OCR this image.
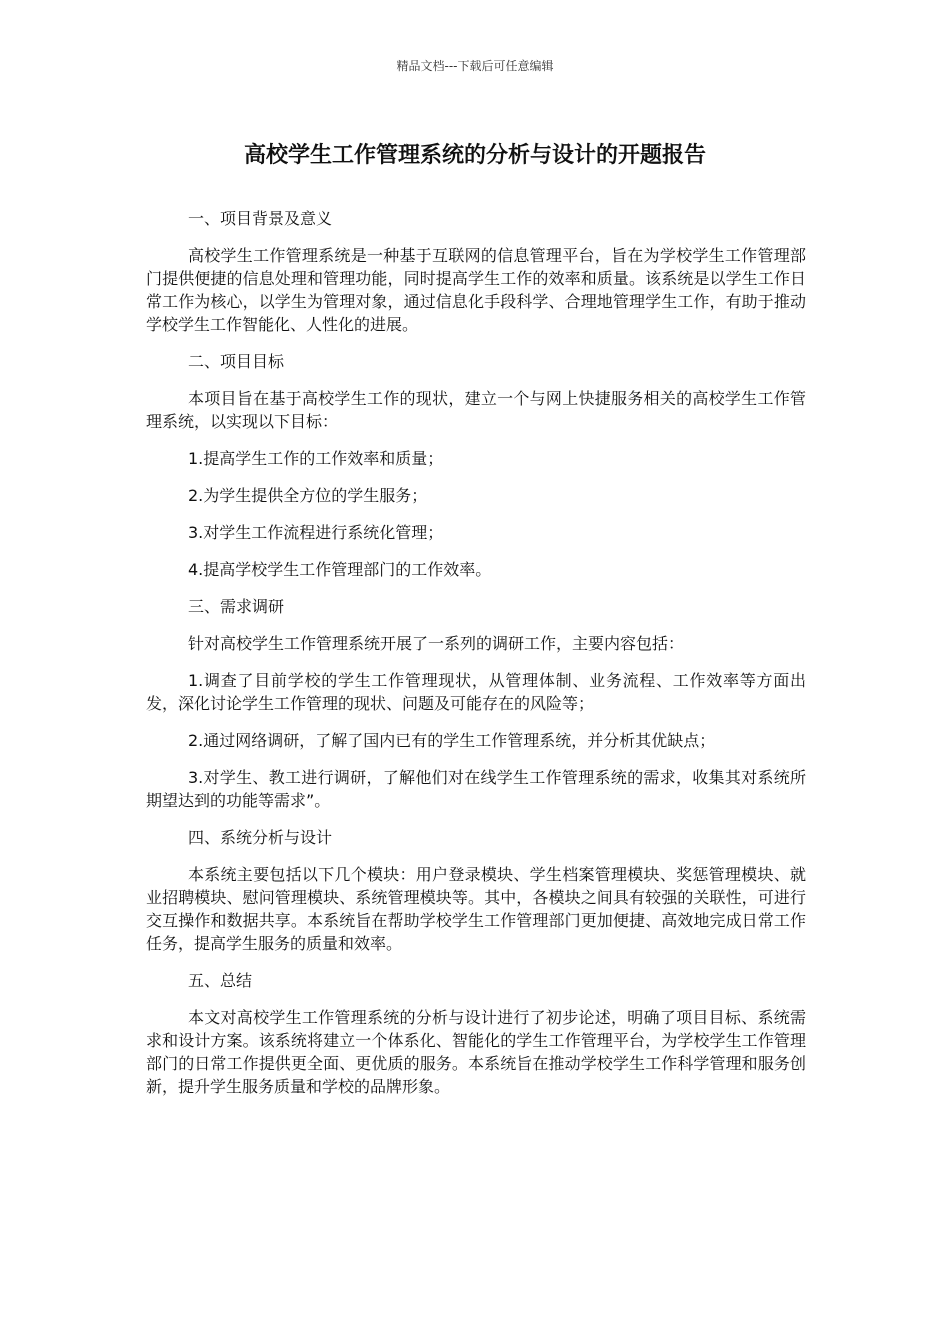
精品文档---下载后可任意编辑
高校学生工作管理系统的分析与设计的开题报告
一、项目背景及意义
高校学生工作管理系统是一种基于互联网的信息管理平台，旨在为学校学生工作管理部门提供便捷的信息处理和管理功能，同时提高学生工作的效率和质量。该系统是以学生工作日常工作为核心，以学生为管理对象，通过信息化手段科学、合理地管理学生工作，有助于推动学校学生工作智能化、人性化的进展。
二、项目目标
本项目旨在基于高校学生工作的现状，建立一个与网上快捷服务相关的高校学生工作管理系统，以实现以下目标：
1.提高学生工作的工作效率和质量；
2.为学生提供全方位的学生服务；
3.对学生工作流程进行系统化管理；
4.提高学校学生工作管理部门的工作效率。
三、需求调研
针对高校学生工作管理系统开展了一系列的调研工作，主要内容包括：
1.调查了目前学校的学生工作管理现状，从管理体制、业务流程、工作效率等方面出发，深化讨论学生工作管理的现状、问题及可能存在的风险等；
2.通过网络调研，了解了国内已有的学生工作管理系统，并分析其优缺点；
3.对学生、教工进行调研，了解他们对在线学生工作管理系统的需求，收集其对系统所期望达到的功能等需求”。
四、系统分析与设计
本系统主要包括以下几个模块：用户登录模块、学生档案管理模块、奖惩管理模块、就业招聘模块、慰问管理模块、系统管理模块等。其中，各模块之间具有较强的关联性，可进行交互操作和数据共享。本系统旨在帮助学校学生工作管理部门更加便捷、高效地完成日常工作任务，提高学生服务的质量和效率。
五、总结
本文对高校学生工作管理系统的分析与设计进行了初步论述，明确了项目目标、系统需求和设计方案。该系统将建立一个体系化、智能化的学生工作管理平台，为学校学生工作管理部门的日常工作提供更全面、更优质的服务。本系统旨在推动学校学生工作科学管理和服务创新，提升学生服务质量和学校的品牌形象。
